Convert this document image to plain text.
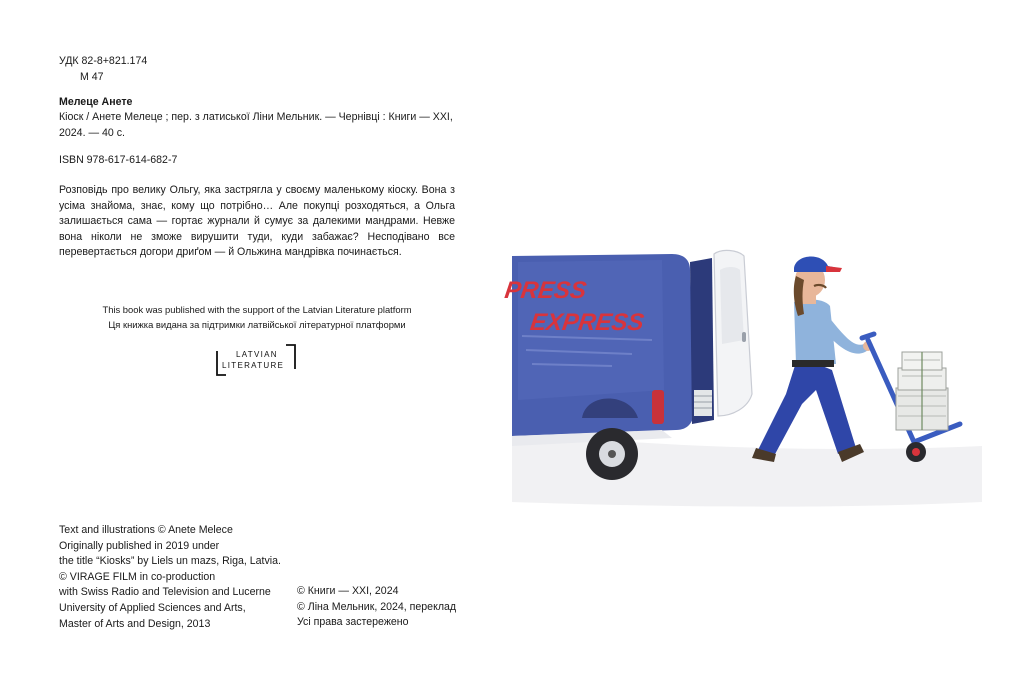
УДК 82-8+821.174
М 47

Мелеце Анете

Кіоск / Анете Мелеце ; пер. з латиської Ліни Мельник. — Чернівці : Книги — XXI, 2024. — 40 с.

ISBN 978-617-614-682-7

Розповідь про велику Ольгу, яка застрягла у своєму маленькому кіоску. Вона з усіма знайома, знає, кому що потрібно… Але покупці розходяться, а Ольга залишається сама — гортає журнали й сумує за далекими мандрами. Невже вона ніколи не зможе вирушити туди, куди забажає? Несподівано все перевертається догори дриґом — й Ольжина мандрівка починається.

This book was published with the support of the Latvian Literature platform
Ця книжка видана за підтримки латвійської літературної платформи
LATVIAN
LITERATURE
Text and illustrations © Anete Melece
Originally published in 2019 under
the title “Kiosks” by Liels un mazs, Riga, Latvia.
© VIRAGE FILM in co-production
with Swiss Radio and Television and Lucerne
University of Applied Sciences and Arts,
Master of Arts and Design, 2013
© Книги — XXI, 2024
© Ліна Мельник, 2024, переклад
Усі права застережено
PRESS
EXPRESS
